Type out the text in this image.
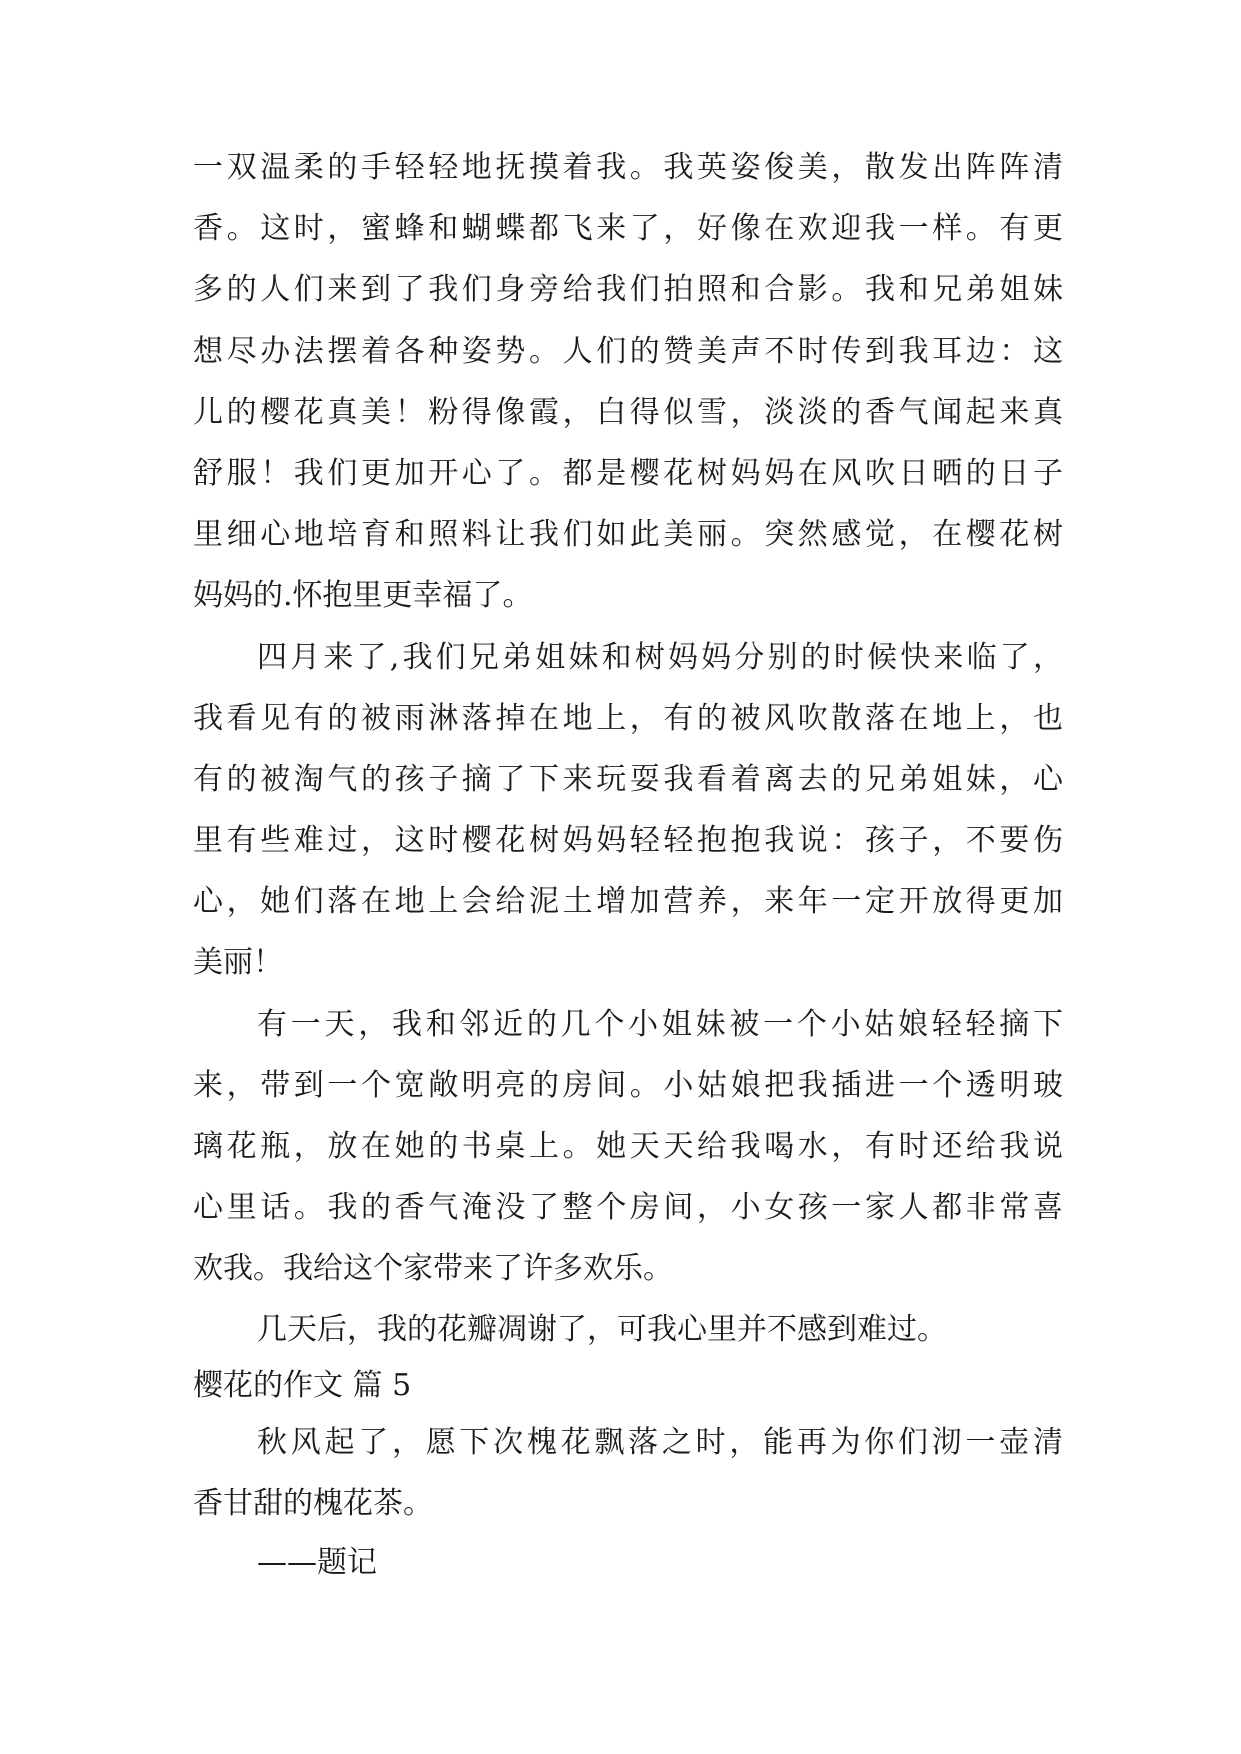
一双温柔的手轻轻地抚摸着我。我英姿俊美，散发出阵阵清
香。这时，蜜蜂和蝴蝶都飞来了，好像在欢迎我一样。有更
多的人们来到了我们身旁给我们拍照和合影。我和兄弟姐妹
想尽办法摆着各种姿势。人们的赞美声不时传到我耳边：这
儿的樱花真美！粉得像霞，白得似雪，淡淡的香气闻起来真
舒服！我们更加开心了。都是樱花树妈妈在风吹日晒的日子
里细心地培育和照料让我们如此美丽。突然感觉，在樱花树
妈妈的.怀抱里更幸福了。
四月来了,我们兄弟姐妹和树妈妈分别的时候快来临了，
我看见有的被雨淋落掉在地上，有的被风吹散落在地上，也
有的被淘气的孩子摘了下来玩耍我看着离去的兄弟姐妹，心
里有些难过，这时樱花树妈妈轻轻抱抱我说：孩子，不要伤
心，她们落在地上会给泥土增加营养，来年一定开放得更加
美丽！
有一天，我和邻近的几个小姐妹被一个小姑娘轻轻摘下
来，带到一个宽敞明亮的房间。小姑娘把我插进一个透明玻
璃花瓶，放在她的书桌上。她天天给我喝水，有时还给我说
心里话。我的香气淹没了整个房间，小女孩一家人都非常喜
欢我。我给这个家带来了许多欢乐。
几天后，我的花瓣凋谢了，可我心里并不感到难过。
樱花的作文 篇 5
秋风起了，愿下次槐花飘落之时，能再为你们沏一壶清
香甘甜的槐花茶。
——题记
